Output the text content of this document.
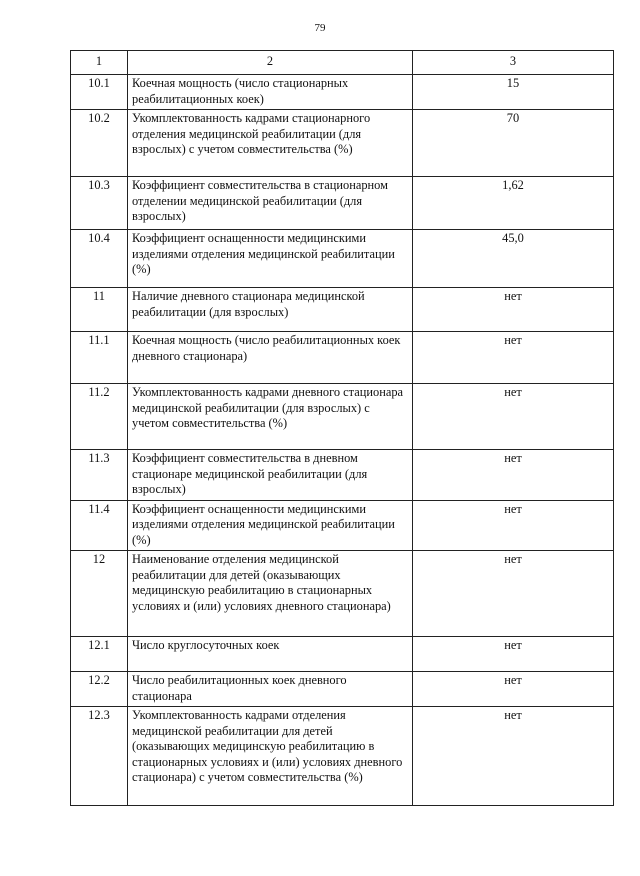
79
1	2	3
10.1	Коечная мощность (число стационарных реабилитационных коек)	15
10.2	Укомплектованность кадрами стационарного отделения медицинской реабилитации (для взрослых) с учетом совместительства (%)	70
10.3	Коэффициент совместительства в стационарном отделении медицинской реабилитации (для взрослых)	1,62
10.4	Коэффициент оснащенности медицинскими изделиями отделения медицинской реабилитации (%)	45,0
11	Наличие дневного стационара медицинской реабилитации (для взрослых)	нет
11.1	Коечная мощность (число реабилитационных коек дневного стационара)	нет
11.2	Укомплектованность кадрами дневного стационара медицинской реабилитации (для взрослых) с учетом совместительства (%)	нет
11.3	Коэффициент совместительства в дневном стационаре медицинской реабилитации (для взрослых)	нет
11.4	Коэффициент оснащенности медицинскими изделиями отделения медицинской реабилитации (%)	нет
12	Наименование отделения медицинской реабилитации для детей (оказывающих медицинскую реабилитацию в стационарных условиях и (или) условиях дневного стационара)	нет
12.1	Число круглосуточных коек	нет
12.2	Число реабилитационных коек дневного стационара	нет
12.3	Укомплектованность кадрами отделения медицинской реабилитации для детей (оказывающих медицинскую реабилитацию в стационарных условиях и (или) условиях дневного стационара) с учетом совместительства (%)	нет
